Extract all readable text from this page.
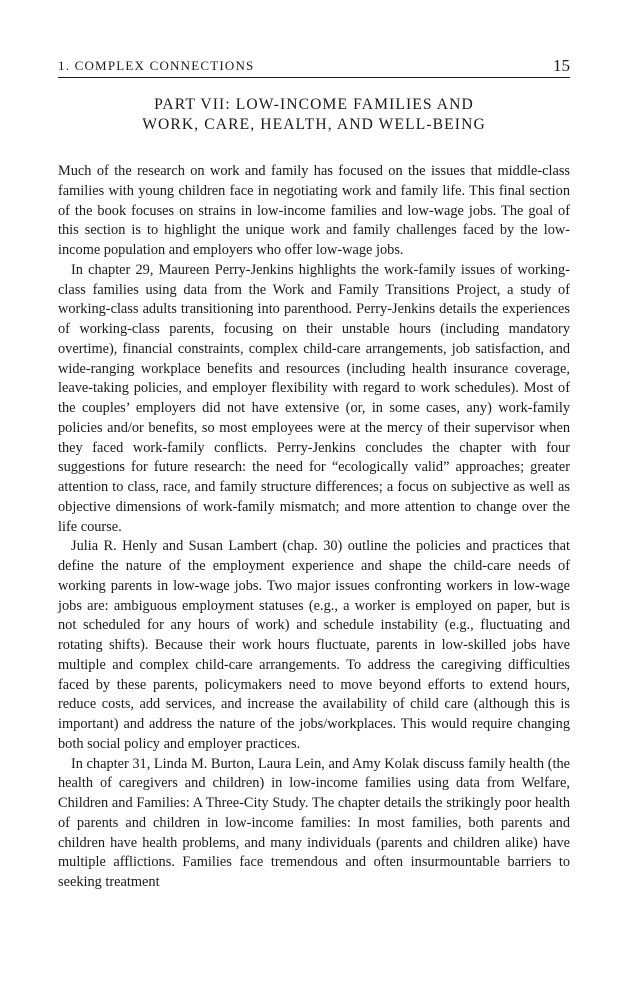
1. COMPLEX CONNECTIONS	15
PART VII: LOW-INCOME FAMILIES AND
WORK, CARE, HEALTH, AND WELL-BEING

Much of the research on work and family has focused on the issues that middle-class families with young children face in negotiating work and family life. This final section of the book focuses on strains in low-income families and low-wage jobs. The goal of this section is to highlight the unique work and family challenges faced by the low-income population and employers who offer low-wage jobs.

In chapter 29, Maureen Perry-Jenkins highlights the work-family issues of working-class families using data from the Work and Family Transitions Project, a study of working-class adults transitioning into parenthood. Perry-Jenkins details the experiences of working-class parents, focusing on their unstable hours (including mandatory overtime), financial constraints, complex child-care arrangements, job satisfaction, and wide-ranging workplace benefits and resources (including health insurance coverage, leave-taking policies, and employer flexibility with regard to work schedules). Most of the couples’ employers did not have extensive (or, in some cases, any) work-family policies and/or benefits, so most employees were at the mercy of their supervisor when they faced work-family conflicts. Perry-Jenkins concludes the chapter with four suggestions for future research: the need for “ecologically valid” approaches; greater attention to class, race, and family structure differences; a focus on subjective as well as objective dimensions of work-family mismatch; and more attention to change over the life course.

Julia R. Henly and Susan Lambert (chap. 30) outline the policies and practices that define the nature of the employment experience and shape the child-care needs of working parents in low-wage jobs. Two major issues confronting workers in low-wage jobs are: ambiguous employment statuses (e.g., a worker is employed on paper, but is not scheduled for any hours of work) and schedule instability (e.g., fluctuating and rotating shifts). Because their work hours fluctuate, parents in low-skilled jobs have multiple and complex child-care arrangements. To address the caregiving difficulties faced by these parents, policymakers need to move beyond efforts to extend hours, reduce costs, add services, and increase the availability of child care (although this is important) and address the nature of the jobs/workplaces. This would require changing both social policy and employer practices.

In chapter 31, Linda M. Burton, Laura Lein, and Amy Kolak discuss family health (the health of caregivers and children) in low-income families using data from Welfare, Children and Families: A Three-City Study. The chapter details the strikingly poor health of parents and children in low-income families: In most families, both parents and children have health problems, and many individuals (parents and children alike) have multiple afflictions. Families face tremendous and often insurmountable barriers to seeking treatment
